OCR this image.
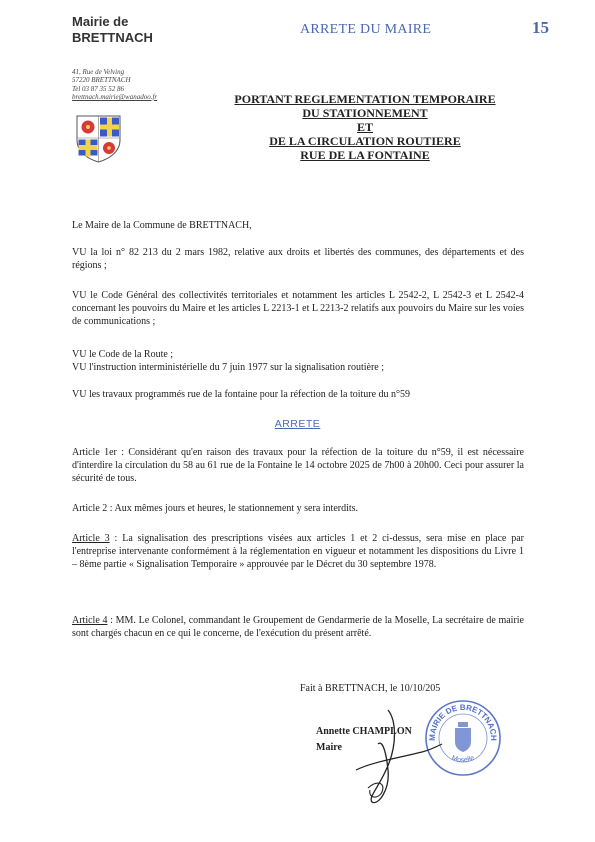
Mairie de
BRETTNACH
41, Rue de Velving
57220 BRETTNACH
Tel 03 87 35 52 86
brettnach.mairie@wanadoo.fr
ARRETE DU MAIRE	15
PORTANT REGLEMENTATION TEMPORAIRE
DU STATIONNEMENT
ET
DE LA CIRCULATION ROUTIERE
RUE DE LA FONTAINE
Le Maire de la Commune de BRETTNACH,
VU la loi n° 82 213 du 2 mars 1982, relative aux droits et libertés des communes, des départements et des régions ;
VU le Code Général des collectivités territoriales et notamment les articles L 2542-2, L 2542-3 et L 2542-4 concernant les pouvoirs du Maire et les articles L 2213-1 et L 2213-2 relatifs aux pouvoirs du Maire sur les voies de communications ;
VU le Code de la Route ;
VU l'instruction interministérielle du 7 juin 1977 sur la signalisation routière ;
VU les travaux programmés rue de la fontaine pour la réfection de la toiture du n°59
ARRETE
Article 1er : Considérant qu'en raison des travaux pour la réfection de la toiture du n°59, il est nécessaire d'interdire la circulation du 58 au 61 rue de la Fontaine le 14 octobre 2025 de 7h00 à 20h00. Ceci pour assurer la sécurité de tous.
Article 2 : Aux mêmes jours et heures, le stationnement y sera interdits.
Article 3 : La signalisation des prescriptions visées aux articles 1 et 2 ci-dessus, sera mise en place par l'entreprise intervenante conformément à la réglementation en vigueur et notamment les dispositions du Livre 1 – 8ème partie « Signalisation Temporaire » approuvée par le Décret du 30 septembre 1978.
Article 4 : MM. Le Colonel, commandant le Groupement de Gendarmerie de la Moselle, La secrétaire de mairie sont chargés chacun en ce qui le concerne, de l'exécution du présent arrêté.
Fait à BRETTNACH, le 10/10/205
Annette CHAMPLON
Maire
MAIRIE DE BRETTNACH
Moselle
